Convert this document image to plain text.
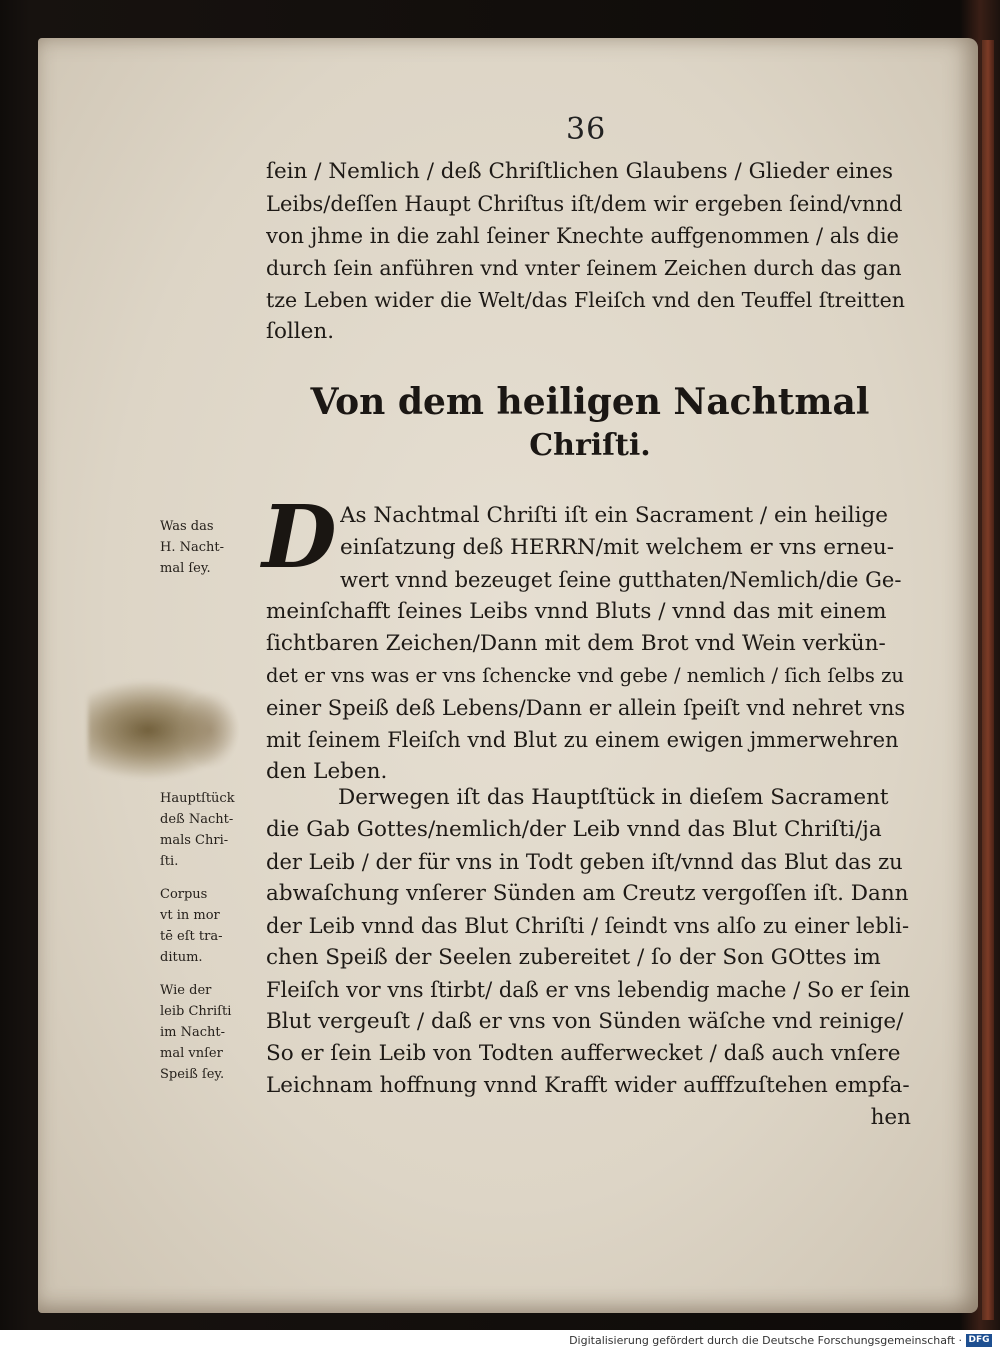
36
ſein / Nemlich / deß Chriſtlichen Glaubens / Glieder eines
Leibs/deſſen Haupt Chriſtus iſt/dem wir ergeben ſeind/vnnd
von jhme in die zahl ſeiner Knechte auffgenommen / als die
durch ſein anführen vnd vnter ſeinem Zeichen durch das gan
tze Leben wider die Welt/das Fleiſch vnd den Teuffel ſtreitten
ſollen.
Von dem heiligen Nachtmal
Chriſti.
D As Nachtmal Chriſti iſt ein Sacrament / ein heilige
einſatzung deß HERRN/mit welchem er vns erneu-
wert vnnd bezeuget ſeine gutthaten/Nemlich/die Ge-
meinſchafft ſeines Leibs vnnd Bluts / vnnd das mit einem
ſichtbaren Zeichen/Dann mit dem Brot vnd Wein verkün-
det er vns was er vns ſchencke vnd gebe / nemlich / ſich ſelbs zu
einer Speiß deß Lebens/Dann er allein ſpeiſt vnd nehret vns
mit ſeinem Fleiſch vnd Blut zu einem ewigen jmmerwehren
den Leben.
Derwegen iſt das Hauptſtück in dieſem Sacrament
die Gab Gottes/nemlich/der Leib vnnd das Blut Chriſti/ja
der Leib / der für vns in Todt geben iſt/vnnd das Blut das zu
abwaſchung vnſerer Sünden am Creutz vergoſſen iſt. Dann
der Leib vnnd das Blut Chriſti / ſeindt vns alſo zu einer lebli-
chen Speiß der Seelen zubereitet / ſo der Son GOttes im
Fleiſch vor vns ſtirbt/ daß er vns lebendig mache / So er ſein
Blut vergeuſt / daß er vns von Sünden wäſche vnd reinige/
So er ſein Leib von Todten aufferwecket / daß auch vnſere
Leichnam hoffnung vnnd Krafft wider aufffzuſtehen empfa-
hen
Was das
H. Nacht-
mal ſey.
Hauptſtück
deß Nacht-
mals Chri-
ſti.
Corpus
vt in mor
tē eſt tra-
ditum.
Wie der
leib Chriſti
im Nacht-
mal vnſer
Speiß ſey.
Digitalisierung gefördert durch die Deutsche Forschungsgemeinschaft · DFG
